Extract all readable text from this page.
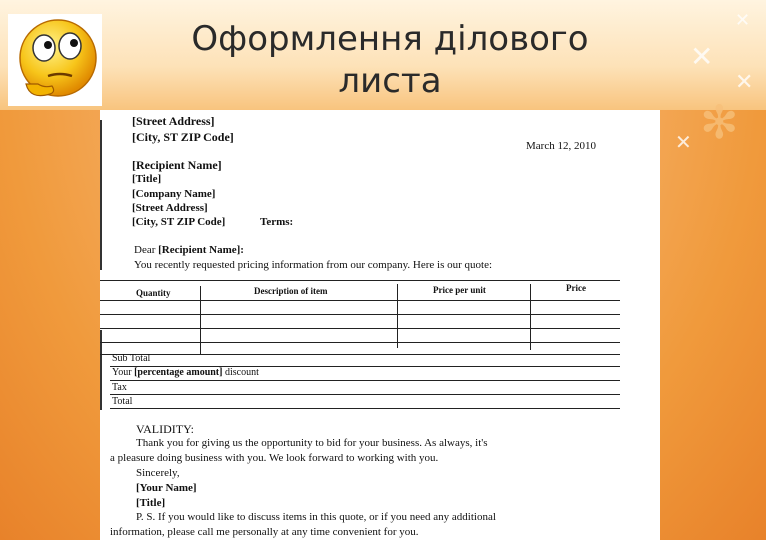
✻
✕
✕
✕
✕
Оформлення ділового
листа
[Street Address]
[City, ST ZIP Code]
March 12, 2010
[Recipient Name]
[Title]
[Company Name]
[Street Address]
[City, ST ZIP Code]	Terms:
Dear [Recipient Name]:
You recently requested pricing information from our company. Here is our quote:
Quantity	Description of item	Price per unit	Price
Sub Total
Your [percentage amount] discount
Tax
Total
VALIDITY:
Thank you for giving us the opportunity to bid for your business. As always, it's
a pleasure doing business with you. We look forward to working with you.
Sincerely,
[Your Name]
[Title]
P. S. If you would like to discuss items in this quote, or if you need any additional
information, please call me personally at any time convenient for you.
